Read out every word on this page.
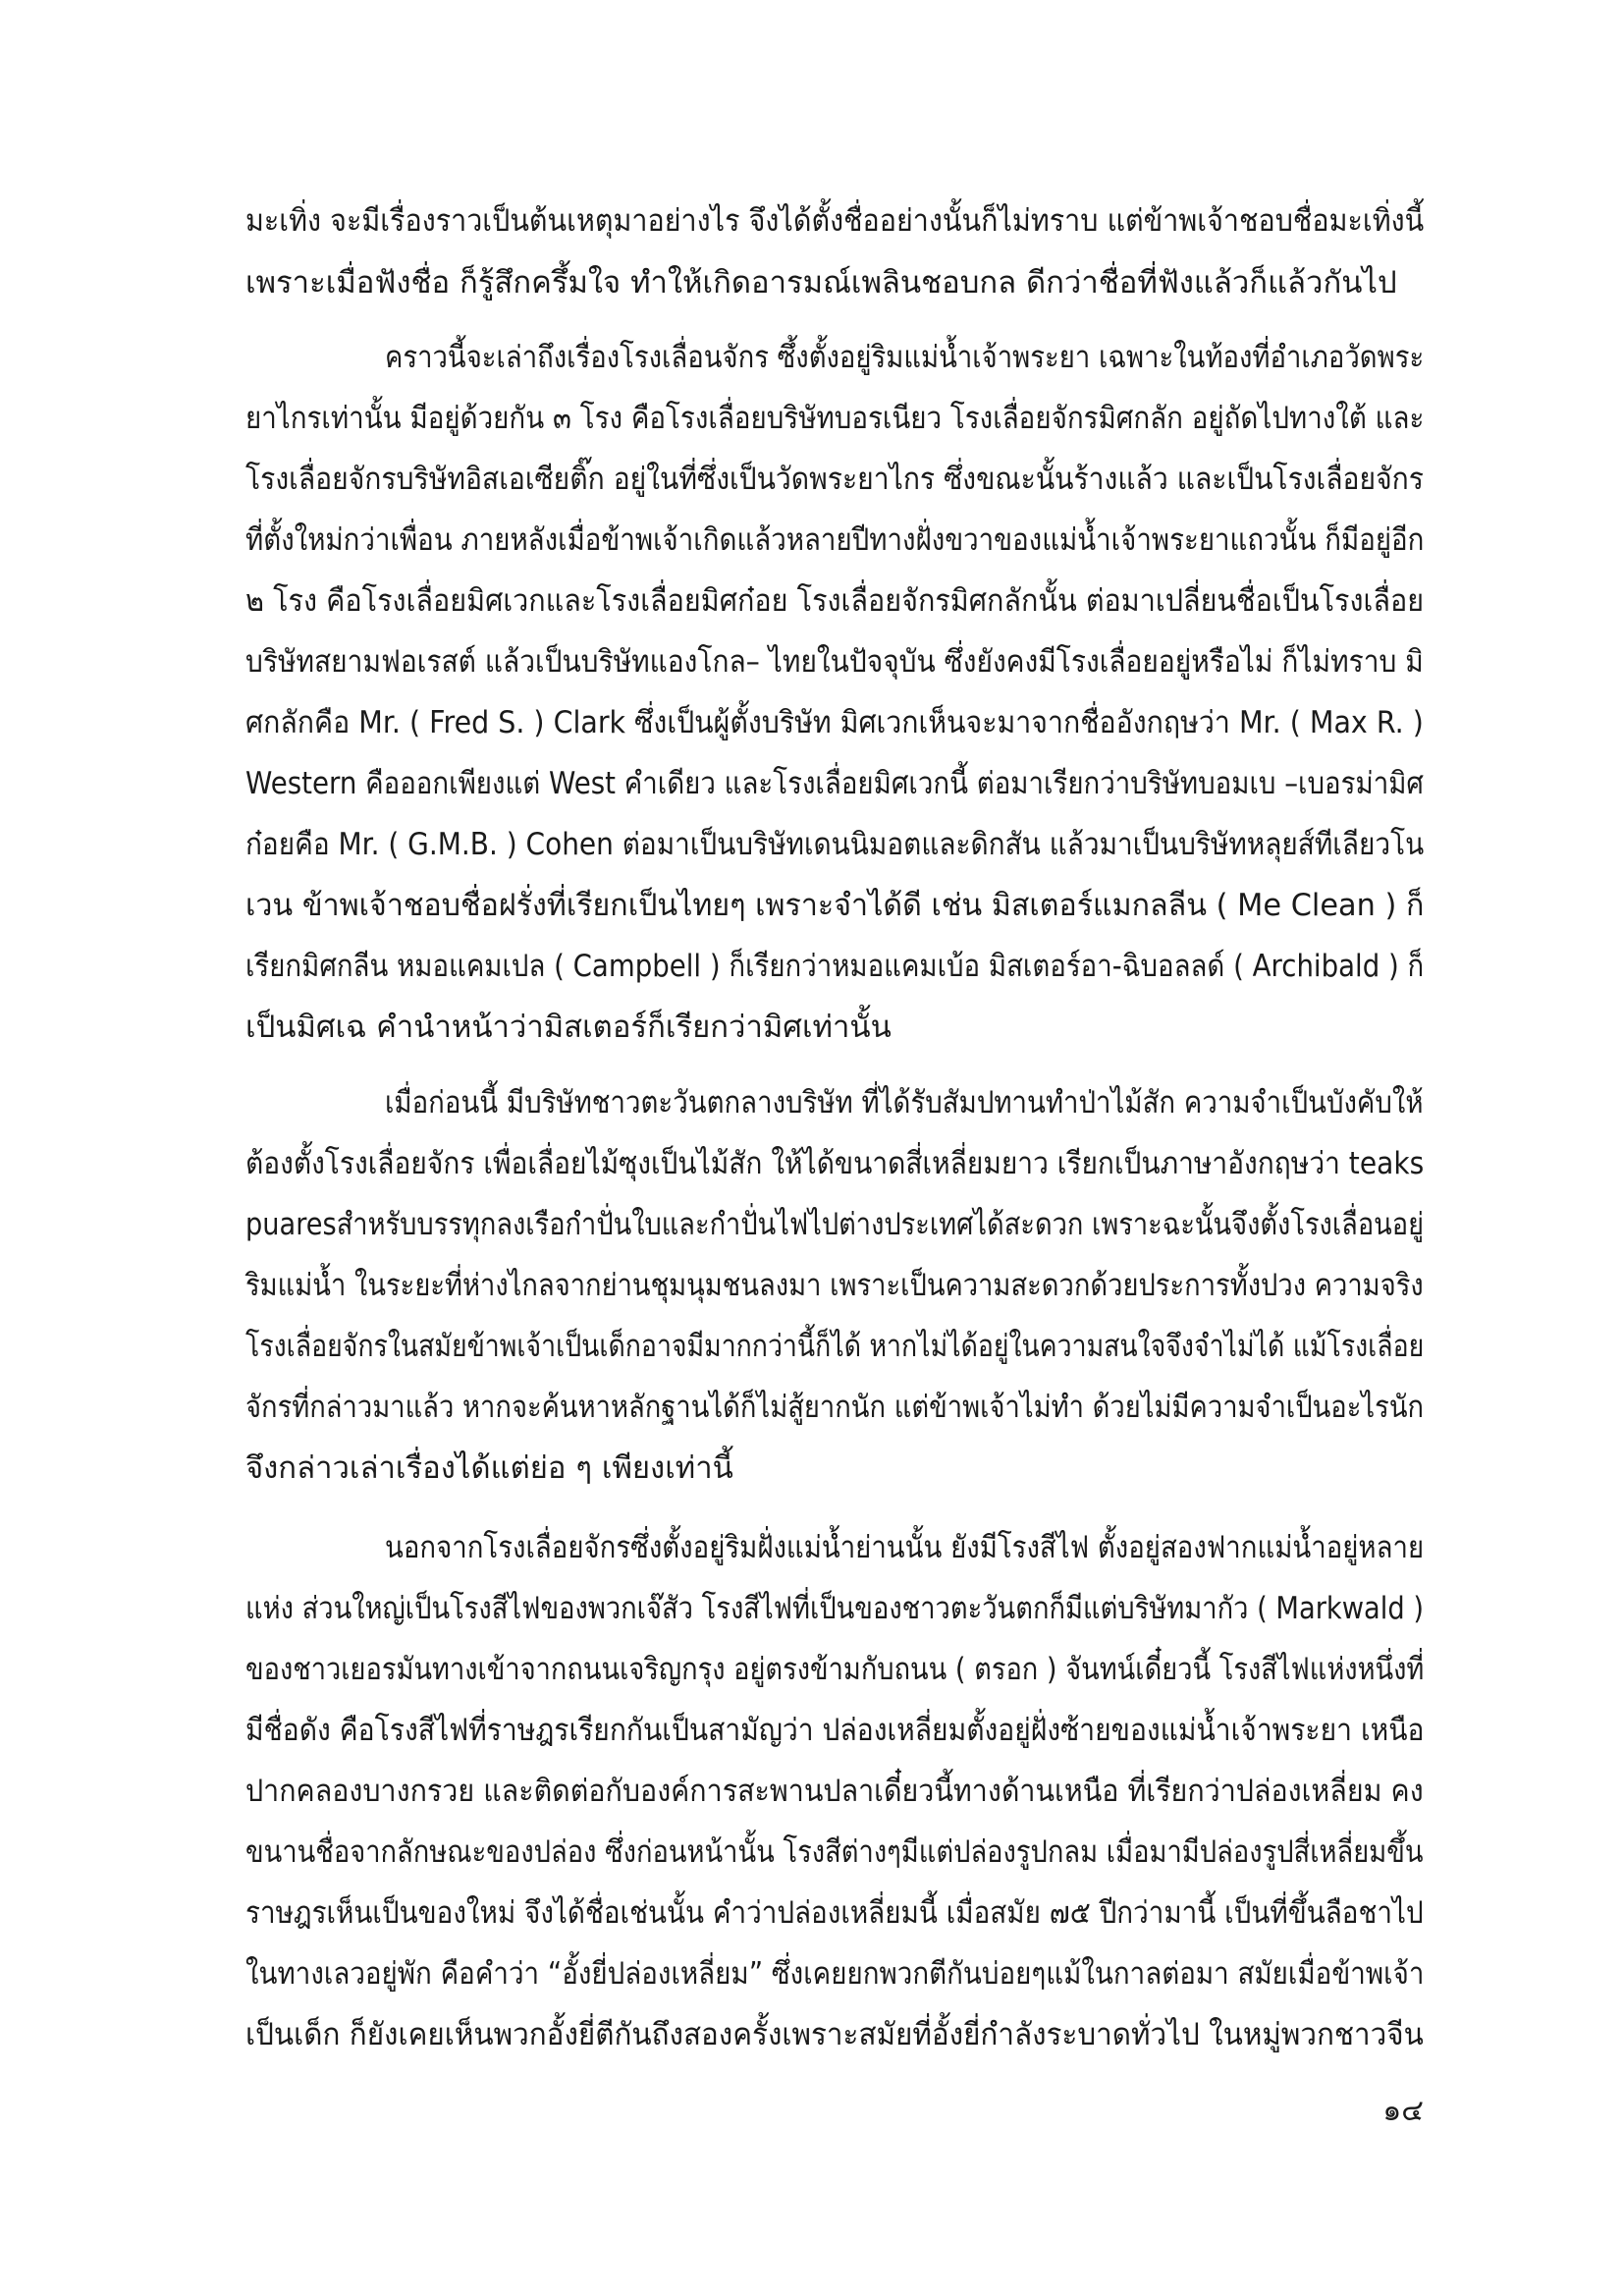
มะเทิ่ง จะมีเรื่องราวเป็นต้นเหตุมาอย่างไร จึงได้ตั้งชื่ออย่างนั้นก็ไม่ทราบ แต่ข้าพเจ้าชอบชื่อมะเทิ่งนี้
เพราะเมื่อฟังชื่อ ก็รู้สึกครึ้มใจ ทำให้เกิดอารมณ์เพลินชอบกล ดีกว่าชื่อที่ฟังแล้วก็แล้วกันไป
คราวนี้จะเล่าถึงเรื่องโรงเลื่อนจักร ซึ้งตั้งอยู่ริมแม่น้ำเจ้าพระยา เฉพาะในท้องที่อำเภอวัดพระ
ยาไกรเท่านั้น มีอยู่ด้วยกัน ๓ โรง คือโรงเลื่อยบริษัทบอรเนียว โรงเลื่อยจักรมิศกลัก อยู่ถัดไปทางใต้ และ
โรงเลื่อยจักรบริษัทอิสเอเซียติ๊ก อยู่ในที่ซึ่งเป็นวัดพระยาไกร ซึ่งขณะนั้นร้างแล้ว และเป็นโรงเลื่อยจักร
ที่ตั้งใหม่กว่าเพื่อน ภายหลังเมื่อข้าพเจ้าเกิดแล้วหลายปีทางฝั่งขวาของแม่น้ำเจ้าพระยาแถวนั้น ก็มีอยู่อีก
๒ โรง คือโรงเลื่อยมิศเวกและโรงเลื่อยมิศก๋อย โรงเลื่อยจักรมิศกลักนั้น ต่อมาเปลี่ยนชื่อเป็นโรงเลื่อย
บริษัทสยามฟอเรสต์ แล้วเป็นบริษัทแองโกล– ไทยในปัจจุบัน ซึ่งยังคงมีโรงเลื่อยอยู่หรือไม่ ก็ไม่ทราบ มิ
ศกลักคือ Mr. ( Fred S. ) Clark ซึ่งเป็นผู้ตั้งบริษัท มิศเวกเห็นจะมาจากชื่ออังกฤษว่า Mr. ( Max R. )
Western คือออกเพียงแต่ West คำเดียว และโรงเลื่อยมิศเวกนี้ ต่อมาเรียกว่าบริษัทบอมเบ –เบอรม่ามิศ
ก๋อยคือ Mr. ( G.M.B. ) Cohen ต่อมาเป็นบริษัทเดนนิมอตและดิกสัน แล้วมาเป็นบริษัทหลุยส์ทีเลียวโน
เวน ข้าพเจ้าชอบชื่อฝรั่งที่เรียกเป็นไทยๆ เพราะจำได้ดี เช่น มิสเตอร์แมกลลีน ( Me Clean ) ก็
เรียกมิศกลีน หมอแคมเปล ( Campbell ) ก็เรียกว่าหมอแคมเบ้อ มิสเตอร์อา-ฉิบอลลด์ ( Archibald ) ก็
เป็นมิศเฉ คำนำหน้าว่ามิสเตอร์ก็เรียกว่ามิศเท่านั้น
เมื่อก่อนนี้ มีบริษัทชาวตะวันตกลางบริษัท ที่ได้รับสัมปทานทำป่าไม้สัก ความจำเป็นบังคับให้
ต้องตั้งโรงเลื่อยจักร เพื่อเลื่อยไม้ซุงเป็นไม้สัก ให้ได้ขนาดสี่เหลี่ยมยาว เรียกเป็นภาษาอังกฤษว่า teaks
puaresสำหรับบรรทุกลงเรือกำปั่นใบและกำปั่นไฟไปต่างประเทศได้สะดวก เพราะฉะนั้นจึงตั้งโรงเลื่อนอยู่
ริมแม่น้ำ ในระยะที่ห่างไกลจากย่านชุมนุมชนลงมา เพราะเป็นความสะดวกด้วยประการทั้งปวง ความจริง
โรงเลื่อยจักรในสมัยข้าพเจ้าเป็นเด็กอาจมีมากกว่านี้ก็ได้ หากไม่ได้อยู่ในความสนใจจึงจำไม่ได้ แม้โรงเลื่อย
จักรที่กล่าวมาแล้ว หากจะค้นหาหลักฐานได้ก็ไม่สู้ยากนัก แต่ข้าพเจ้าไม่ทำ ด้วยไม่มีความจำเป็นอะไรนัก
จึงกล่าวเล่าเรื่องได้แต่ย่อ ๆ เพียงเท่านี้
นอกจากโรงเลื่อยจักรซึ่งตั้งอยู่ริมฝั่งแม่น้ำย่านนั้น ยังมีโรงสีไฟ ตั้งอยู่สองฟากแม่น้ำอยู่หลาย
แห่ง ส่วนใหญ่เป็นโรงสีไฟของพวกเจ๊สัว โรงสีไฟที่เป็นของชาวตะวันตกก็มีแต่บริษัทมากัว ( Markwald )
ของชาวเยอรมันทางเข้าจากถนนเจริญกรุง อยู่ตรงข้ามกับถนน ( ตรอก ) จันทน์เดี๋ยวนี้ โรงสีไฟแห่งหนึ่งที่
มีชื่อดัง คือโรงสีไฟที่ราษฎรเรียกกันเป็นสามัญว่า ปล่องเหลี่ยมตั้งอยู่ฝั่งซ้ายของแม่น้ำเจ้าพระยา เหนือ
ปากคลองบางกรวย และติดต่อกับองค์การสะพานปลาเดี๋ยวนี้ทางด้านเหนือ ที่เรียกว่าปล่องเหลี่ยม คง
ขนานชื่อจากลักษณะของปล่อง ซึ่งก่อนหน้านั้น โรงสีต่างๆมีแต่ปล่องรูปกลม เมื่อมามีปล่องรูปสี่เหลี่ยมขึ้น
ราษฎรเห็นเป็นของใหม่ จึงได้ชื่อเช่นนั้น คำว่าปล่องเหลี่ยมนี้ เมื่อสมัย ๗๕ ปีกว่ามานี้ เป็นที่ขึ้นลือชาไป
ในทางเลวอยู่พัก คือคำว่า “อั้งยี่ปล่องเหลี่ยม” ซึ่งเคยยกพวกตีกันบ่อยๆแม้ในกาลต่อมา สมัยเมื่อข้าพเจ้า
เป็นเด็ก ก็ยังเคยเห็นพวกอั้งยี่ตีกันถึงสองครั้งเพราะสมัยที่อั้งยี่กำลังระบาดทั่วไป ในหมู่พวกชาวจีน
๑๔
